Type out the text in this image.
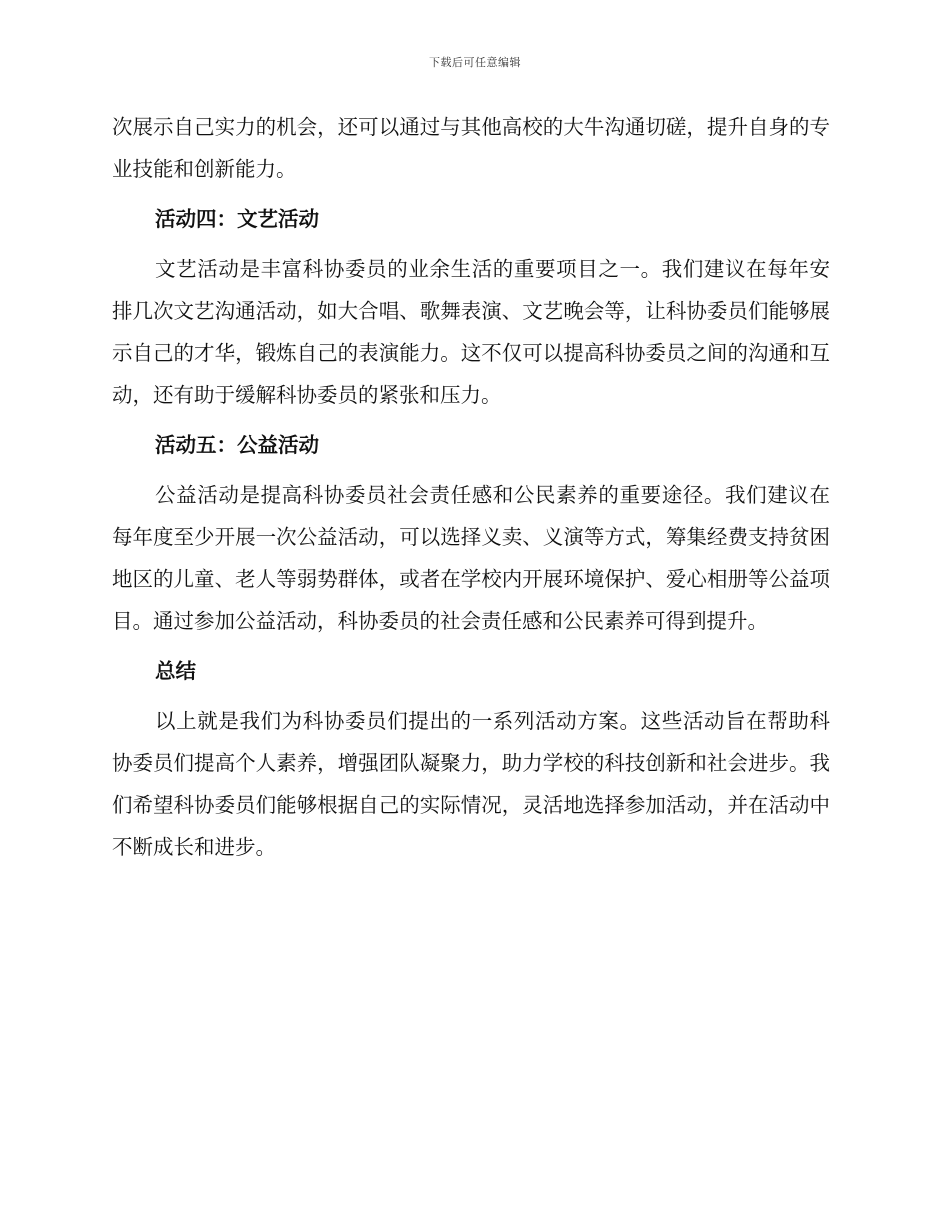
下载后可任意编辑

次展示自己实力的机会，还可以通过与其他高校的大牛沟通切磋，提升自身的专业技能和创新能力。

活动四：文艺活动

文艺活动是丰富科协委员的业余生活的重要项目之一。我们建议在每年安排几次文艺沟通活动，如大合唱、歌舞表演、文艺晚会等，让科协委员们能够展示自己的才华，锻炼自己的表演能力。这不仅可以提高科协委员之间的沟通和互动，还有助于缓解科协委员的紧张和压力。

活动五：公益活动

公益活动是提高科协委员社会责任感和公民素养的重要途径。我们建议在每年度至少开展一次公益活动，可以选择义卖、义演等方式，筹集经费支持贫困地区的儿童、老人等弱势群体，或者在学校内开展环境保护、爱心相册等公益项目。通过参加公益活动，科协委员的社会责任感和公民素养可得到提升。

总结

以上就是我们为科协委员们提出的一系列活动方案。这些活动旨在帮助科协委员们提高个人素养，增强团队凝聚力，助力学校的科技创新和社会进步。我们希望科协委员们能够根据自己的实际情况，灵活地选择参加活动，并在活动中不断成长和进步。
